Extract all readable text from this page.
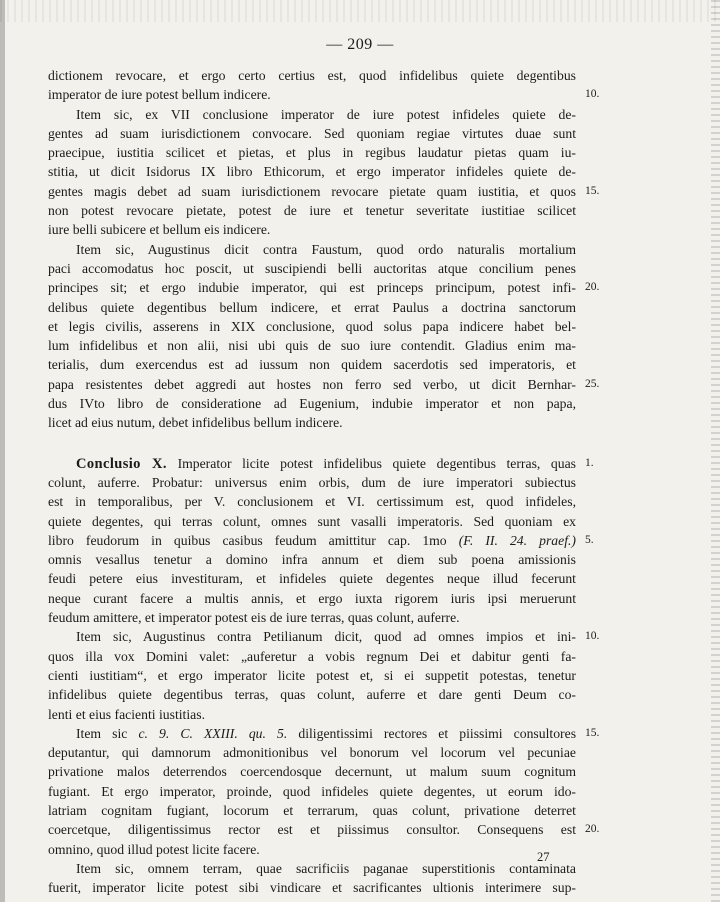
— 209 —
dictionem revocare, et ergo certo certius est, quod infidelibus quiete degentibus
imperator de iure potest bellum indicere.	10.
Item sic, ex VII conclusione imperator de iure potest infideles quiete de-
gentes ad suam iurisdictionem convocare. Sed quoniam regiae virtutes duae sunt
praecipue, iustitia scilicet et pietas, et plus in regibus laudatur pietas quam iu-
stitia, ut dicit Isidorus IX libro Ethicorum, et ergo imperator infideles quiete de-
gentes magis debet ad suam iurisdictionem revocare pietate quam iustitia, et quos 15.
non potest revocare pietate, potest de iure et tenetur severitate iustitiae scilicet
iure belli subicere et bellum eis indicere.
Item sic, Augustinus dicit contra Faustum, quod ordo naturalis mortalium
paci accomodatus hoc poscit, ut suscipiendi belli auctoritas atque concilium penes
principes sit; et ergo indubie imperator, qui est princeps principum, potest infi- 20.
delibus quiete degentibus bellum indicere, et errat Paulus a doctrina sanctorum
et legis civilis, asserens in XIX conclusione, quod solus papa indicere habet bel-
lum infidelibus et non alii, nisi ubi quis de suo iure contendit. Gladius enim ma-
terialis, dum exercendus est ad iussum non quidem sacerdotis sed imperatoris, et
papa resistentes debet aggredi aut hostes non ferro sed verbo, ut dicit Bernhar- 25.
dus IVto libro de consideratione ad Eugenium, indubie imperator et non papa,
licet ad eius nutum, debet infidelibus bellum indicere.
Conclusio X. Imperator licite potest infidelibus quiete degentibus terras, quas 1.
colunt, auferre. Probatur: universus enim orbis, dum de iure imperatori subiectus
est in temporalibus, per V. conclusionem et VI. certissimum est, quod infideles,
quiete degentes, qui terras colunt, omnes sunt vasalli imperatoris. Sed quoniam ex
libro feudorum in quibus casibus feudum amittitur cap. 1mo (F. II. 24. praef.) 5.
omnis vesallus tenetur a domino infra annum et diem sub poena amissionis
feudi petere eius investituram, et infideles quiete degentes neque illud fecerunt
neque curant facere a multis annis, et ergo iuxta rigorem iuris ipsi meruerunt
feudum amittere, et imperator potest eis de iure terras, quas colunt, auferre.
Item sic, Augustinus contra Petilianum dicit, quod ad omnes impios et ini- 10.
quos illa vox Domini valet: „auferetur a vobis regnum Dei et dabitur genti fa-
cienti iustitiam“, et ergo imperator licite potest et, si ei suppetit potestas, tenetur
infidelibus quiete degentibus terras, quas colunt, auferre et dare genti Deum co-
lenti et eius facienti iustitias.
Item sic c. 9. C. XXIII. qu. 5. diligentissimi rectores et piissimi consultores 15.
deputantur, qui damnorum admonitionibus vel bonorum vel locorum vel pecuniae
privatione malos deterrendos coercendosque decernunt, ut malum suum cognitum
fugiant. Et ergo imperator, proinde, quod infideles quiete degentes, ut eorum ido-
latriam cognitam fugiant, locorum et terrarum, quas colunt, privatione deterret
coercetque, diligentissimus rector est et piissimus consultor. Consequens est 20.
omnino, quod illud potest licite facere.
Item sic, omnem terram, quae sacrificiis paganae superstitionis contaminata
fuerit, imperator licite potest sibi vindicare et sacrificantes ultionis interimere sup-
27
